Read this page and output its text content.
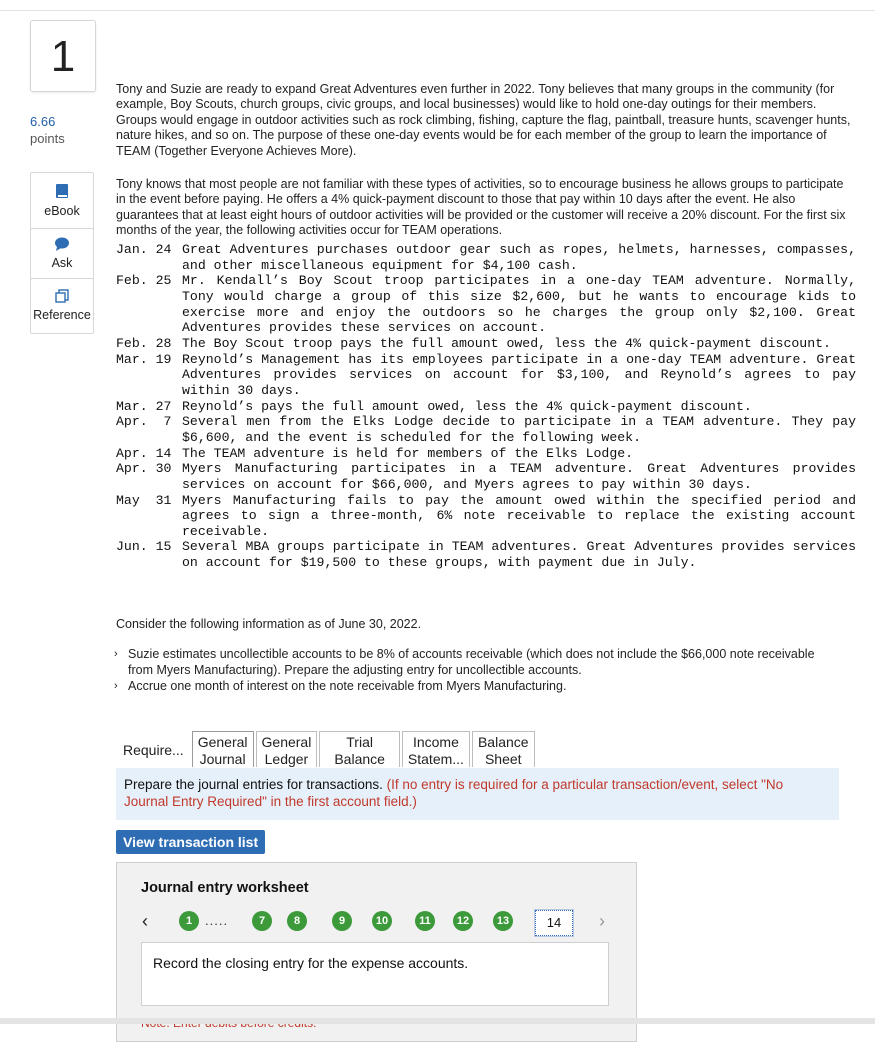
1
6.66
points
eBook
Ask
Reference

Tony and Suzie are ready to expand Great Adventures even further in 2022. Tony believes that many groups in the community (for example, Boy Scouts, church groups, civic groups, and local businesses) would like to hold one-day outings for their members. Groups would engage in outdoor activities such as rock climbing, fishing, capture the flag, paintball, treasure hunts, scavenger hunts, nature hikes, and so on. The purpose of these one-day events would be for each member of the group to learn the importance of TEAM (Together Everyone Achieves More).

Tony knows that most people are not familiar with these types of activities, so to encourage business he allows groups to participate in the event before paying. He offers a 4% quick-payment discount to those that pay within 10 days after the event. He also guarantees that at least eight hours of outdoor activities will be provided or the customer will receive a 20% discount. For the first six months of the year, the following activities occur for TEAM operations.

Jan. 24 Great Adventures purchases outdoor gear such as ropes, helmets, harnesses, compasses, and other miscellaneous equipment for $4,100 cash.
Feb. 25 Mr. Kendall’s Boy Scout troop participates in a one-day TEAM adventure. Normally, Tony would charge a group of this size $2,600, but he wants to encourage kids to exercise more and enjoy the outdoors so he charges the group only $2,100. Great Adventures provides these services on account.
Feb. 28 The Boy Scout troop pays the full amount owed, less the 4% quick-payment discount.
Mar. 19 Reynold’s Management has its employees participate in a one-day TEAM adventure. Great Adventures provides services on account for $3,100, and Reynold’s agrees to pay within 30 days.
Mar. 27 Reynold’s pays the full amount owed, less the 4% quick-payment discount.
Apr.  7 Several men from the Elks Lodge decide to participate in a TEAM adventure. They pay $6,600, and the event is scheduled for the following week.
Apr. 14 The TEAM adventure is held for members of the Elks Lodge.
Apr. 30 Myers Manufacturing participates in a TEAM adventure. Great Adventures provides services on account for $66,000, and Myers agrees to pay within 30 days.
May  31 Myers Manufacturing fails to pay the amount owed within the specified period and agrees to sign a three-month, 6% note receivable to replace the existing account receivable.
Jun. 15 Several MBA groups participate in TEAM adventures. Great Adventures provides services on account for $19,500 to these groups, with payment due in July.
Consider the following information as of June 30, 2022.
› Suzie estimates uncollectible accounts to be 8% of accounts receivable (which does not include the $66,000 note receivable from Myers Manufacturing). Prepare the adjusting entry for uncollectible accounts.
› Accrue one month of interest on the note receivable from Myers Manufacturing.
Require...	General
Journal
General
Ledger
Trial
Balance
Income
Statem...
Balance
Sheet
Prepare the journal entries for transactions. (If no entry is required for a particular transaction/event, select "No Journal Entry Required" in the first account field.)
View transaction list
Journal entry worksheet
‹	1 .....	7	8	9	10	11	12	13	14	›
Record the closing entry for the expense accounts.
